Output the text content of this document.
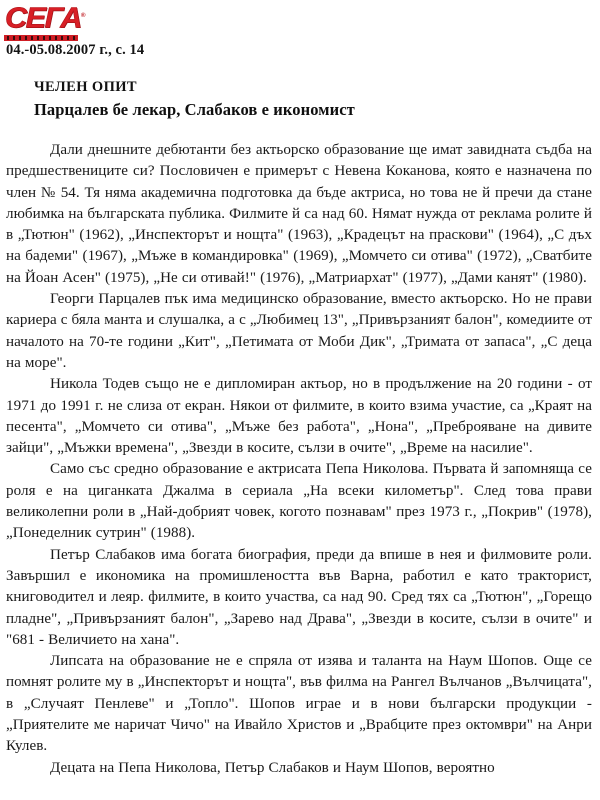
СЕГА®
04.-05.08.2007 г., с. 14
ЧЕЛЕН ОПИТ
Парцалев бе лекар, Слабаков е икономист

Дали днешните дебютанти без актьорско образование ще имат завидната съдба на предшествениците си? Пословичен е примерът с Невена Коканова, която е назначена по член № 54. Тя няма академична подготовка да бъде актриса, но това не й пречи да стане любимка на българската публика. Филмите й са над 60. Нямат нужда от реклама ролите й в „Тютюн" (1962), „Инспекторът и нощта" (1963), „Крадецът на праскови" (1964), „С дъх на бадеми" (1967), „Мъже в командировка" (1969), „Момчето си отива" (1972), „Сватбите на Йоан Асен" (1975), „Не си отивай!" (1976), „Матриархат" (1977), „Дами канят" (1980).

Георги Парцалев пък има медицинско образование, вместо актьорско. Но не прави кариера с бяла манта и слушалка, а с „Любимец 13", „Привързаният балон", комедиите от началото на 70-те години „Кит", „Петимата от Моби Дик", „Тримата от запаса", „С деца на море".

Никола Тодев също не е дипломиран актьор, но в продължение на 20 години - от 1971 до 1991 г. не слиза от екран. Някои от филмите, в които взима участие, са „Краят на песента", „Момчето си отива", „Мъже без работа", „Нона", „Преброяване на дивите зайци", „Мъжки времена", „Звезди в косите, сълзи в очите", „Време на насилие".

Само със средно образование е актрисата Пепа Николова. Първата й запомняща се роля е на циганката Джалма в сериала „На всеки километър". След това прави великолепни роли в „Най-добрият човек, когото познавам" през 1973 г., „Покрив" (1978), „Понеделник сутрин" (1988).

Петър Слабаков има богата биография, преди да впише в нея и филмовите роли. Завършил е икономика на промишлеността във Варна, работил е като тракторист, книговодител и леяр. филмите, в които участва, са над 90. Сред тях са „Тютюн", „Горещо пладне", „Привързаният балон", „Зарево над Драва", „Звезди в косите, сълзи в очите" и "681 - Величието на хана".

Липсата на образование не е спряла от изява и таланта на Наум Шопов. Още се помнят ролите му в „Инспекторът и нощта", във филма на Рангел Вълчанов „Вълчицата", в „Случаят Пенлеве" и „Топло". Шопов играе и в нови български продукции - „Приятелите ме наричат Чичо" на Ивайло Христов и „Врабците през октомври" на Анри Кулев.

Децата на Пепа Николова, Петър Слабаков и Наум Шопов, вероятно
